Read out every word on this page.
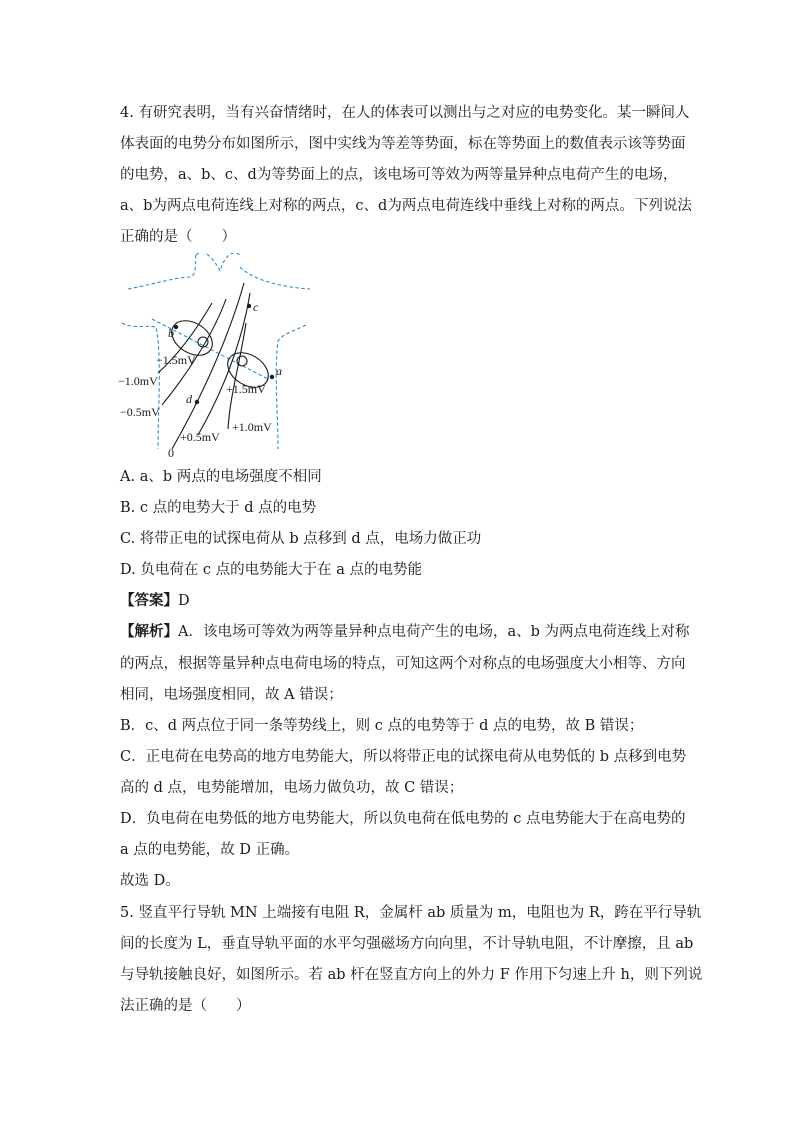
4. 有研究表明，当有兴奋情绪时，在人的体表可以测出与之对应的电势变化。某一瞬间人
体表面的电势分布如图所示，图中实线为等差等势面，标在等势面上的数值表示该等势面
的电势，a、b、c、d为等势面上的点，该电场可等效为两等量异种点电荷产生的电场，
a、b为两点电荷连线上对称的两点，c、d为两点电荷连线中垂线上对称的两点。下列说法
正确的是（　　）
c
b
a
d
−1.5mV
−1.0mV
−0.5mV
+1.5mV
+1.0mV
+0.5mV
0
A. a、b 两点的电场强度不相同
B. c 点的电势大于 d 点的电势
C. 将带正电的试探电荷从 b 点移到 d 点，电场力做正功
D. 负电荷在 c 点的电势能大于在 a 点的电势能
【答案】D
【解析】A．该电场可等效为两等量异种点电荷产生的电场，a、b 为两点电荷连线上对称
的两点，根据等量异种点电荷电场的特点，可知这两个对称点的电场强度大小相等、方向
相同，电场强度相同，故 A 错误；
B．c、d 两点位于同一条等势线上，则 c 点的电势等于 d 点的电势，故 B 错误；
C．正电荷在电势高的地方电势能大，所以将带正电的试探电荷从电势低的 b 点移到电势
高的 d 点，电势能增加，电场力做负功，故 C 错误；
D．负电荷在电势低的地方电势能大，所以负电荷在低电势的 c 点电势能大于在高电势的
a 点的电势能，故 D 正确。
故选 D。
5. 竖直平行导轨 MN 上端接有电阻 R，金属杆 ab 质量为 m，电阻也为 R，跨在平行导轨
间的长度为 L，垂直导轨平面的水平匀强磁场方向向里，不计导轨电阻，不计摩擦，且 ab
与导轨接触良好，如图所示。若 ab 杆在竖直方向上的外力 F 作用下匀速上升 h，则下列说
法正确的是（　　）
